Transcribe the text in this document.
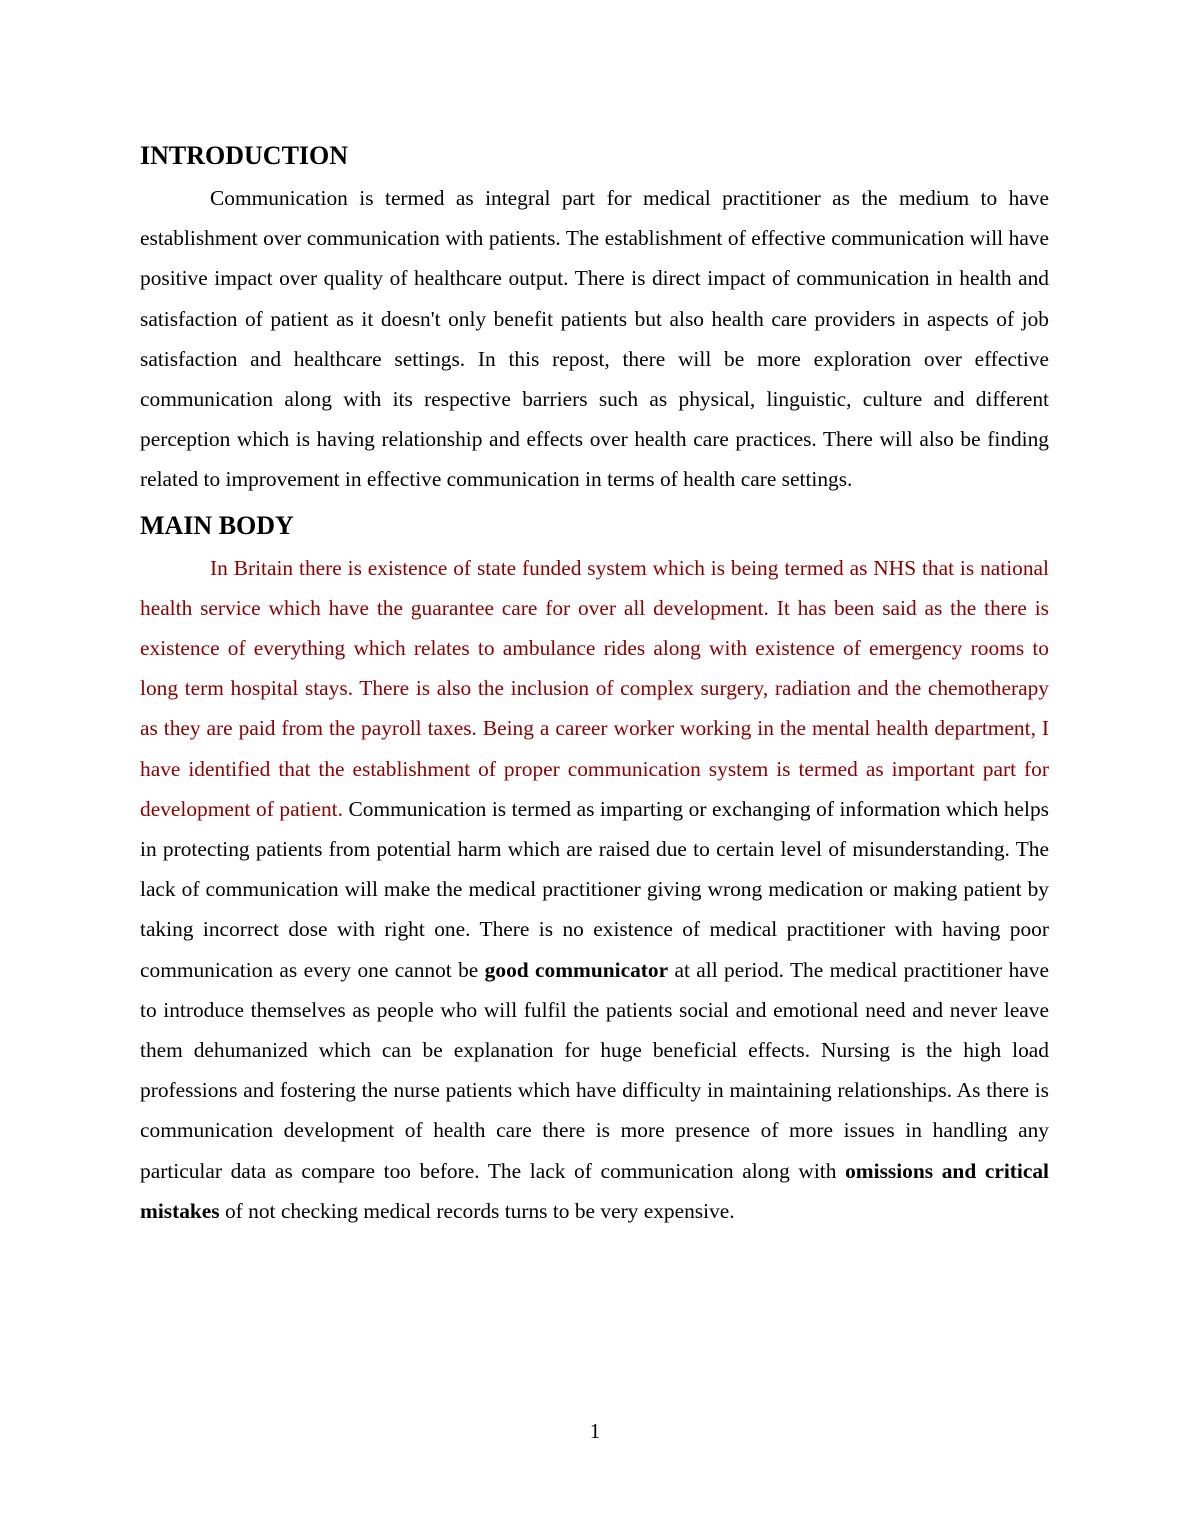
INTRODUCTION

Communication is termed as integral part for medical practitioner as the medium to have establishment over communication with patients. The establishment of effective communication will have positive impact over quality of healthcare output. There is direct impact of communication in health and satisfaction of patient as it doesn't only benefit patients but also health care providers in aspects of job satisfaction and healthcare settings. In this repost, there will be more exploration over effective communication along with its respective barriers such as physical, linguistic, culture and different perception which is having relationship and effects over health care practices. There will also be finding related to improvement in effective communication in terms of health care settings.

MAIN BODY

In Britain there is existence of state funded system which is being termed as NHS that is national health service which have the guarantee care for over all development. It has been said as the there is existence of everything which relates to ambulance rides along with existence of emergency rooms to long term hospital stays. There is also the inclusion of complex surgery, radiation and the chemotherapy as they are paid from the payroll taxes. Being a career worker working in the mental health department, I have identified that the establishment of proper communication system is termed as important part for development of patient. Communication is termed as imparting or exchanging of information which helps in protecting patients from potential harm which are raised due to certain level of misunderstanding. The lack of communication will make the medical practitioner giving wrong medication or making patient by taking incorrect dose with right one. There is no existence of medical practitioner with having poor communication as every one cannot be good communicator at all period. The medical practitioner have to introduce themselves as people who will fulfil the patients social and emotional need and never leave them dehumanized which can be explanation for huge beneficial effects. Nursing is the high load professions and fostering the nurse patients which have difficulty in maintaining relationships. As there is communication development of health care there is more presence of more issues in handling any particular data as compare too before. The lack of communication along with omissions and critical mistakes of not checking medical records turns to be very expensive.

1
